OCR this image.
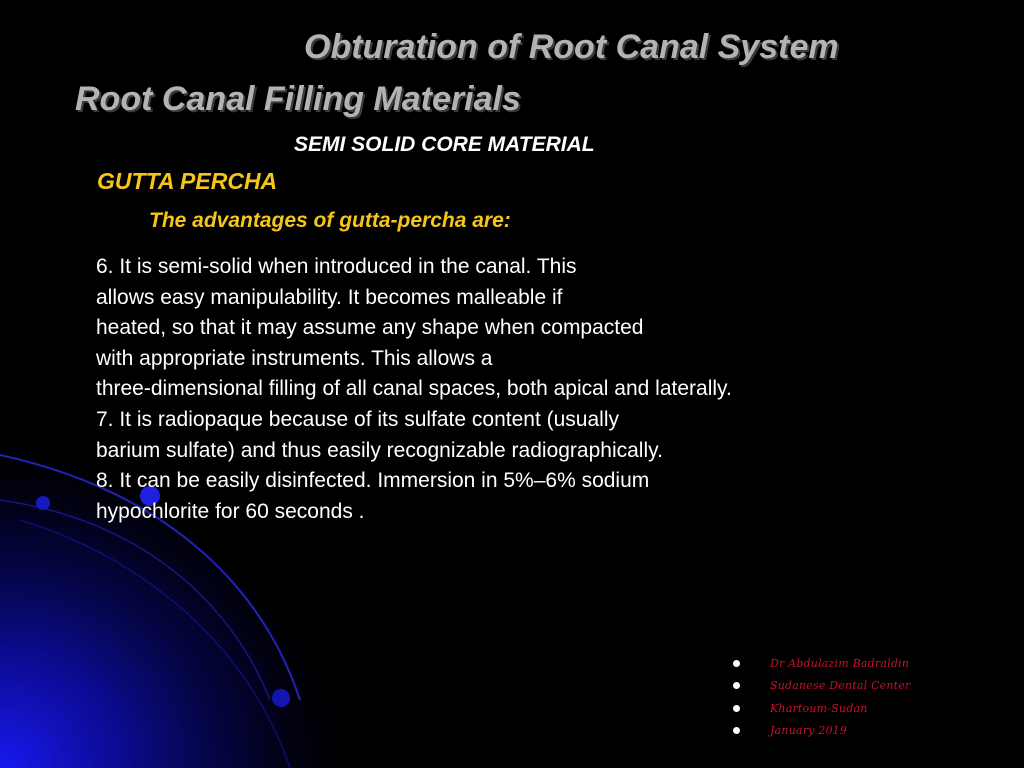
Obturation of Root Canal System
Root Canal Filling Materials
SEMI SOLID CORE MATERIAL
GUTTA PERCHA
The advantages of gutta-percha are:
6. It is semi-solid when introduced in the canal. This
allows easy manipulability. It becomes malleable if
heated, so that it may assume any shape when compacted
with appropriate instruments. This allows a
three-dimensional filling of all canal spaces, both apical and laterally.
7. It is radiopaque because of its sulfate content (usually
barium sulfate) and thus easily recognizable radiographically.
8. It can be easily disinfected. Immersion in 5%–6% sodium
hypochlorite for 60 seconds .
Dr Abdulazim Badraldin
Sudanese Dental Center
Khartoum-Sudan
January 2019
